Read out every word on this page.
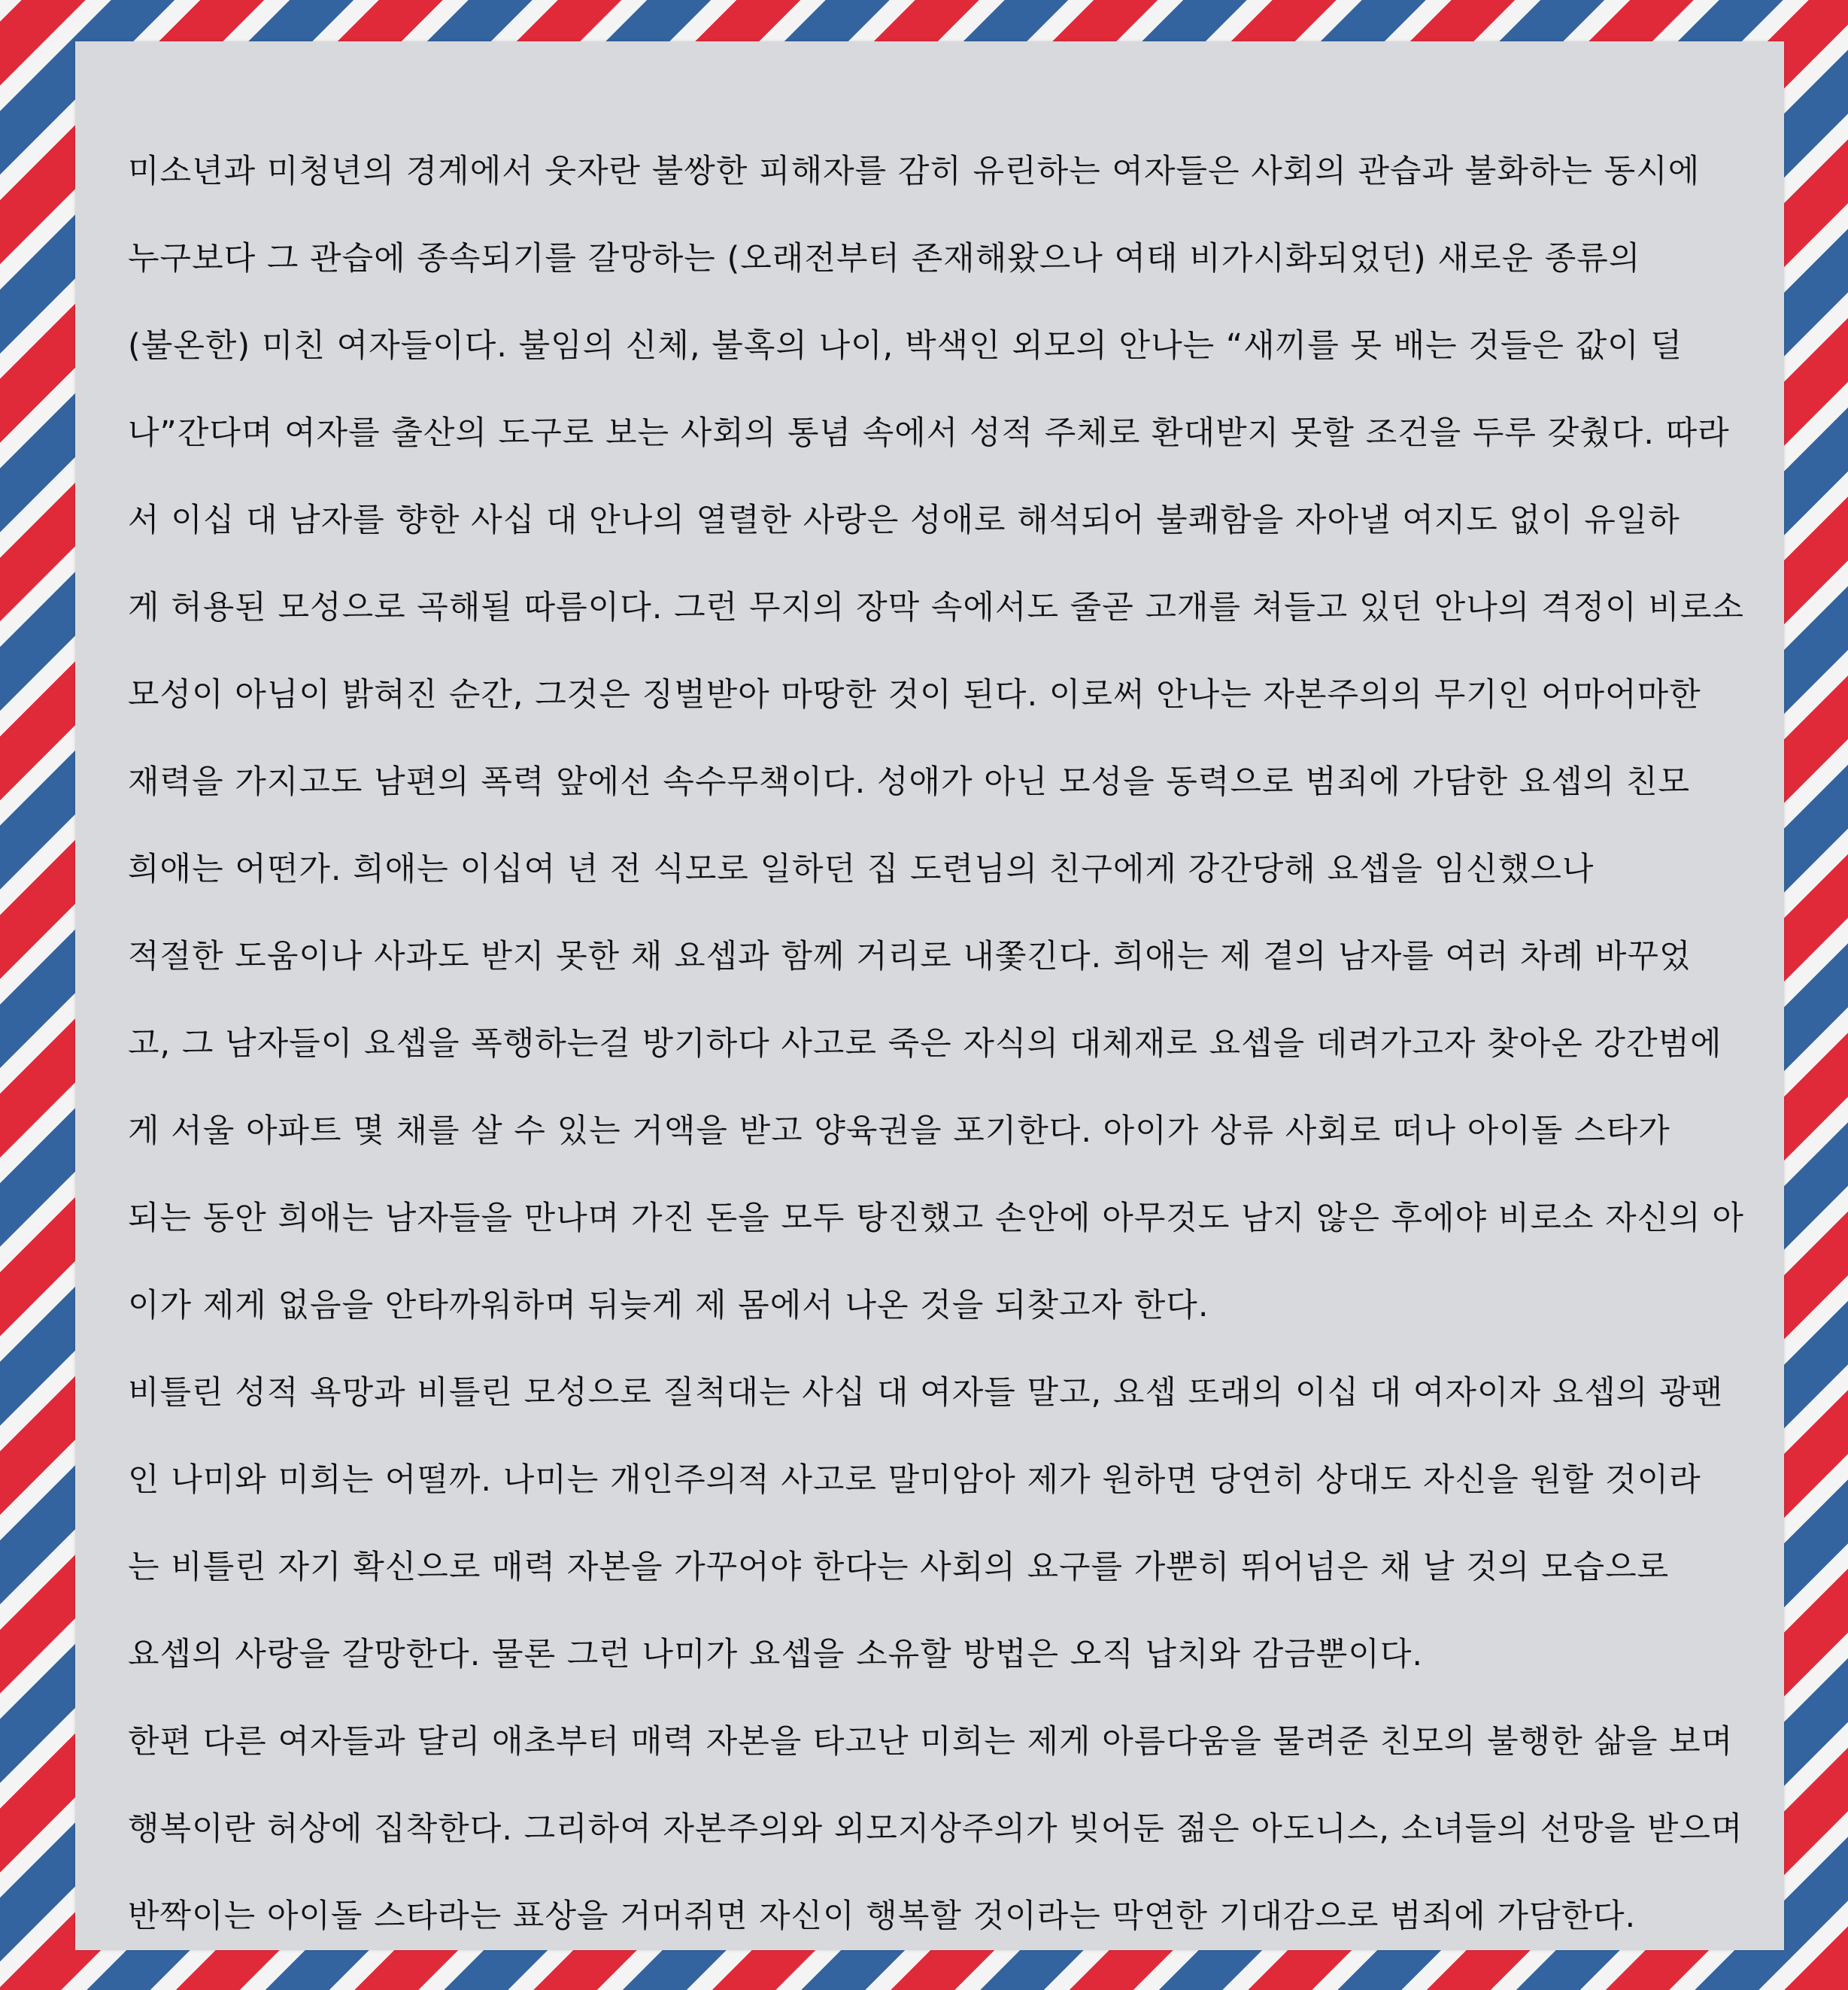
미소년과 미청년의 경계에서 웃자란 불쌍한 피해자를 감히 유린하는 여자들은 사회의 관습과 불화하는 동시에
누구보다 그 관습에 종속되기를 갈망하는 (오래전부터 존재해왔으나 여태 비가시화되었던) 새로운 종류의
(불온한) 미친 여자들이다. 불임의 신체, 불혹의 나이, 박색인 외모의 안나는 “새끼를 못 배는 것들은 값이 덜
나”간다며 여자를 출산의 도구로 보는 사회의 통념 속에서 성적 주체로 환대받지 못할 조건을 두루 갖췄다. 따라
서 이십 대 남자를 향한 사십 대 안나의 열렬한 사랑은 성애로 해석되어 불쾌함을 자아낼 여지도 없이 유일하
게 허용된 모성으로 곡해될 따름이다. 그런 무지의 장막 속에서도 줄곧 고개를 쳐들고 있던 안나의 격정이 비로소
모성이 아님이 밝혀진 순간, 그것은 징벌받아 마땅한 것이 된다. 이로써 안나는 자본주의의 무기인 어마어마한
재력을 가지고도 남편의 폭력 앞에선 속수무책이다. 성애가 아닌 모성을 동력으로 범죄에 가담한 요셉의 친모
희애는 어떤가. 희애는 이십여 년 전 식모로 일하던 집 도련님의 친구에게 강간당해 요셉을 임신했으나
적절한 도움이나 사과도 받지 못한 채 요셉과 함께 거리로 내쫓긴다. 희애는 제 곁의 남자를 여러 차례 바꾸었
고, 그 남자들이 요셉을 폭행하는걸 방기하다 사고로 죽은 자식의 대체재로 요셉을 데려가고자 찾아온 강간범에
게 서울 아파트 몇 채를 살 수 있는 거액을 받고 양육권을 포기한다. 아이가 상류 사회로 떠나 아이돌 스타가
되는 동안 희애는 남자들을 만나며 가진 돈을 모두 탕진했고 손안에 아무것도 남지 않은 후에야 비로소 자신의 아
이가 제게 없음을 안타까워하며 뒤늦게 제 몸에서 나온 것을 되찾고자 한다.
비틀린 성적 욕망과 비틀린 모성으로 질척대는 사십 대 여자들 말고, 요셉 또래의 이십 대 여자이자 요셉의 광팬
인 나미와 미희는 어떨까. 나미는 개인주의적 사고로 말미암아 제가 원하면 당연히 상대도 자신을 원할 것이라
는 비틀린 자기 확신으로 매력 자본을 가꾸어야 한다는 사회의 요구를 가뿐히 뛰어넘은 채 날 것의 모습으로
요셉의 사랑을 갈망한다. 물론 그런 나미가 요셉을 소유할 방법은 오직 납치와 감금뿐이다.
한편 다른 여자들과 달리 애초부터 매력 자본을 타고난 미희는 제게 아름다움을 물려준 친모의 불행한 삶을 보며
행복이란 허상에 집착한다. 그리하여 자본주의와 외모지상주의가 빚어둔 젊은 아도니스, 소녀들의 선망을 받으며
반짝이는 아이돌 스타라는 표상을 거머쥐면 자신이 행복할 것이라는 막연한 기대감으로 범죄에 가담한다.
